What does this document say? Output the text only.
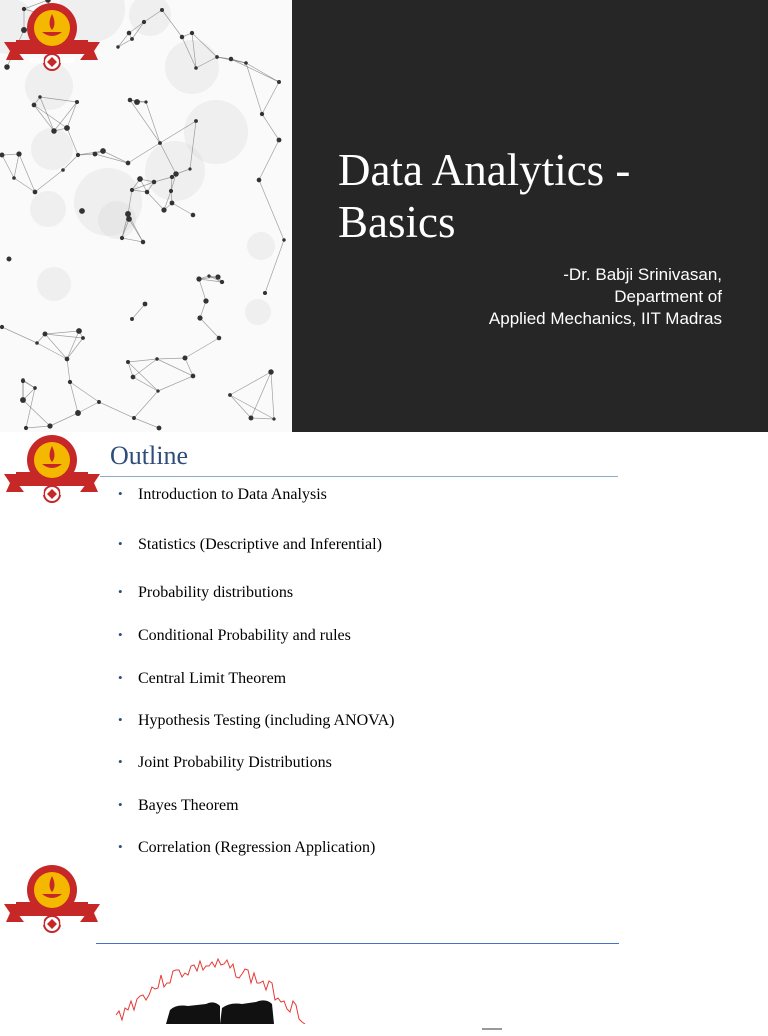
Data Analytics -
Basics
-Dr. Babji Srinivasan,
Department of
Applied Mechanics, IIT Madras
Outline
• Introduction to Data Analysis
• Statistics (Descriptive and Inferential)
• Probability distributions
• Conditional Probability and rules
• Central Limit Theorem
• Hypothesis Testing (including ANOVA)
• Joint Probability Distributions
• Bayes Theorem
• Correlation (Regression Application)
